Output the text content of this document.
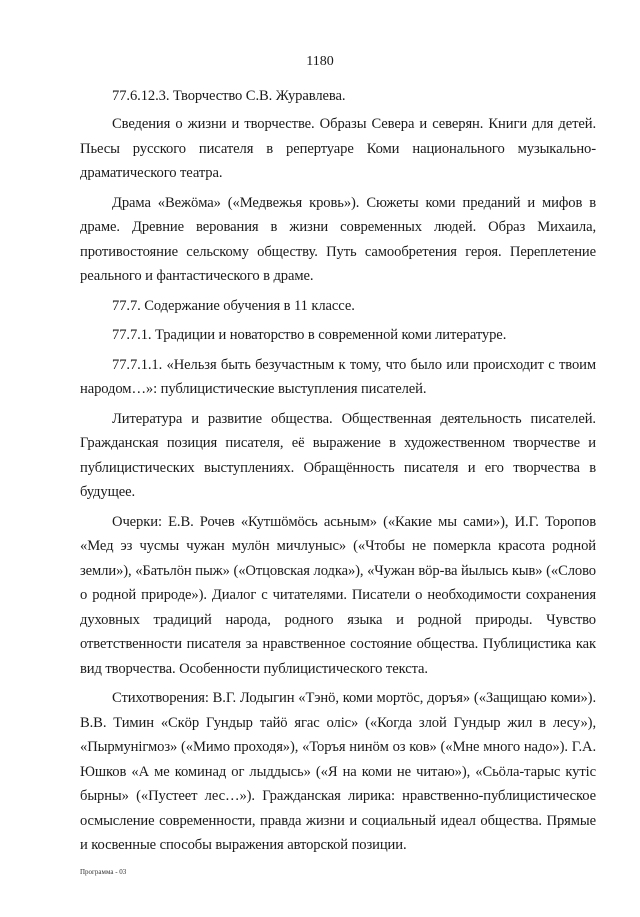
1180

77.6.12.3. Творчество С.В. Журавлева.

Сведения о жизни и творчестве. Образы Севера и северян. Книги для детей. Пьесы русского писателя в репертуаре Коми национального музыкально-драматического театра.

Драма «Вежöма» («Медвежья кровь»). Сюжеты коми преданий и мифов в драме. Древние верования в жизни современных людей. Образ Михаила, противостояние сельскому обществу. Путь самообретения героя. Переплетение реального и фантастического в драме.

77.7. Содержание обучения в 11 классе.

77.7.1. Традиции и новаторство в современной коми литературе.

77.7.1.1. «Нельзя быть безучастным к тому, что было или происходит с твоим народом…»: публицистические выступления писателей.

Литература и развитие общества. Общественная деятельность писателей. Гражданская позиция писателя, её выражение в художественном творчестве и публицистических выступлениях. Обращённость писателя и его творчества в будущее.

Очерки: Е.В. Рочев «Кутшöмöсь асьным» («Какие мы сами»), И.Г. Торопов «Мед эз чусмы чужан мулöн мичлуныс» («Чтобы не померкла красота родной земли»), «Батьлöн пыж» («Отцовская лодка»), «Чужан вöр-ва йылысь кыв» («Слово о родной природе»). Диалог с читателями. Писатели о необходимости сохранения духовных традиций народа, родного языка и родной природы. Чувство ответственности писателя за нравственное состояние общества. Публицистика как вид творчества. Особенности публицистического текста.

Стихотворения: В.Г. Лодыгин «Тэнö, коми мортöс, доръя» («Защищаю коми»). В.В. Тимин «Скöр Гундыр тайö ягас олiс» («Когда злой Гундыр жил в лесу»), «Пырмунiгмоз» («Мимо проходя»), «Торъя нинöм оз ков» («Мне много надо»). Г.А. Юшков «А ме коминад ог лыддысь» («Я на коми не читаю»), «Сьöла-тарыс кутiс бырны» («Пустеет лес…»). Гражданская лирика: нравственно-публицистическое осмысление современности, правда жизни и социальный идеал общества. Прямые и косвенные способы выражения авторской позиции.

Программа - 03
